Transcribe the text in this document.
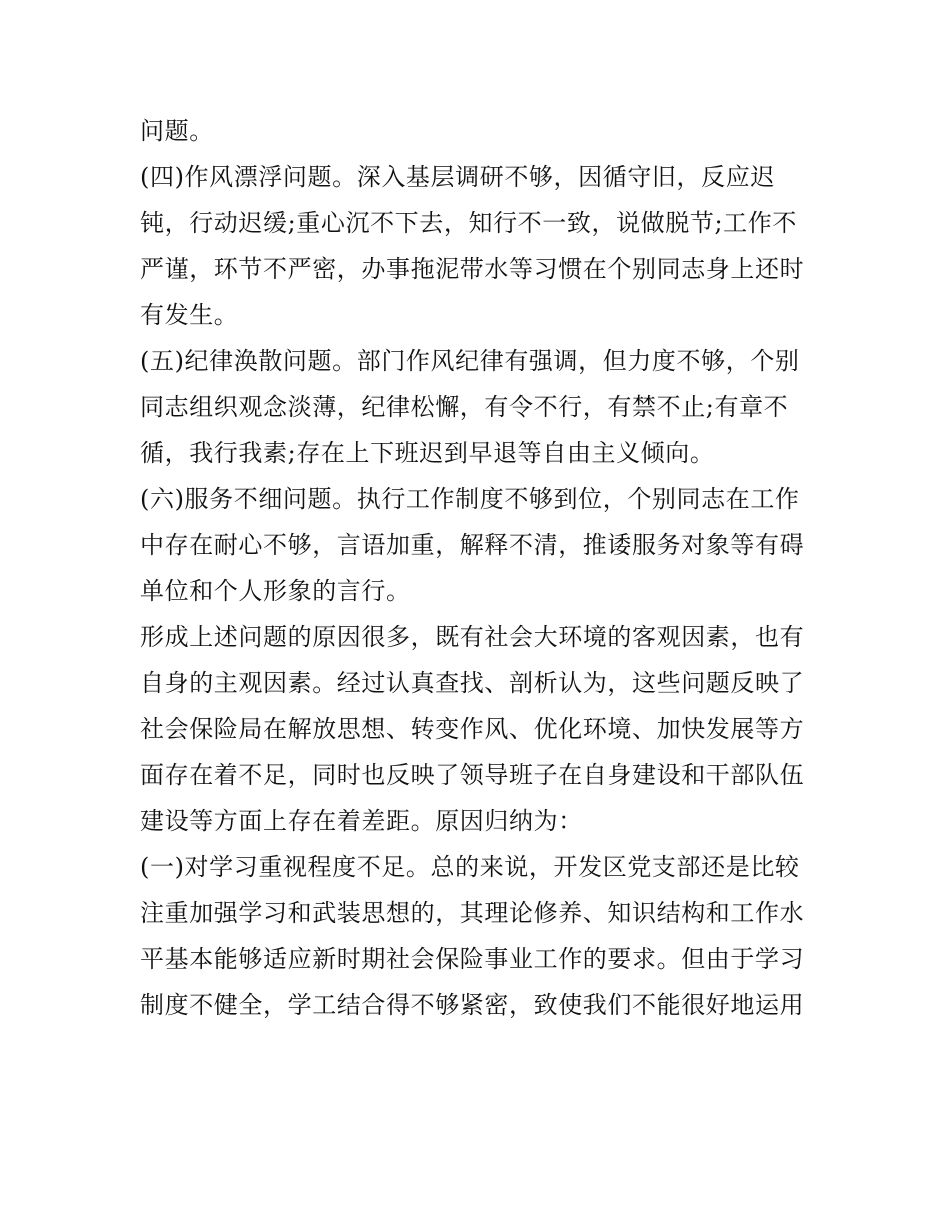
问题。

(四)作风漂浮问题。深入基层调研不够，因循守旧，反应迟
钝，行动迟缓;重心沉不下去，知行不一致，说做脱节;工作不
严谨，环节不严密，办事拖泥带水等习惯在个别同志身上还时
有发生。

(五)纪律涣散问题。部门作风纪律有强调，但力度不够，个别
同志组织观念淡薄，纪律松懈，有令不行，有禁不止;有章不
循，我行我素;存在上下班迟到早退等自由主义倾向。

(六)服务不细问题。执行工作制度不够到位，个别同志在工作
中存在耐心不够，言语加重，解释不清，推诿服务对象等有碍
单位和个人形象的言行。

形成上述问题的原因很多，既有社会大环境的客观因素，也有
自身的主观因素。经过认真查找、剖析认为，这些问题反映了
社会保险局在解放思想、转变作风、优化环境、加快发展等方
面存在着不足，同时也反映了领导班子在自身建设和干部队伍
建设等方面上存在着差距。原因归纳为：

(一)对学习重视程度不足。总的来说，开发区党支部还是比较
注重加强学习和武装思想的，其理论修养、知识结构和工作水
平基本能够适应新时期社会保险事业工作的要求。但由于学习
制度不健全，学工结合得不够紧密，致使我们不能很好地运用
